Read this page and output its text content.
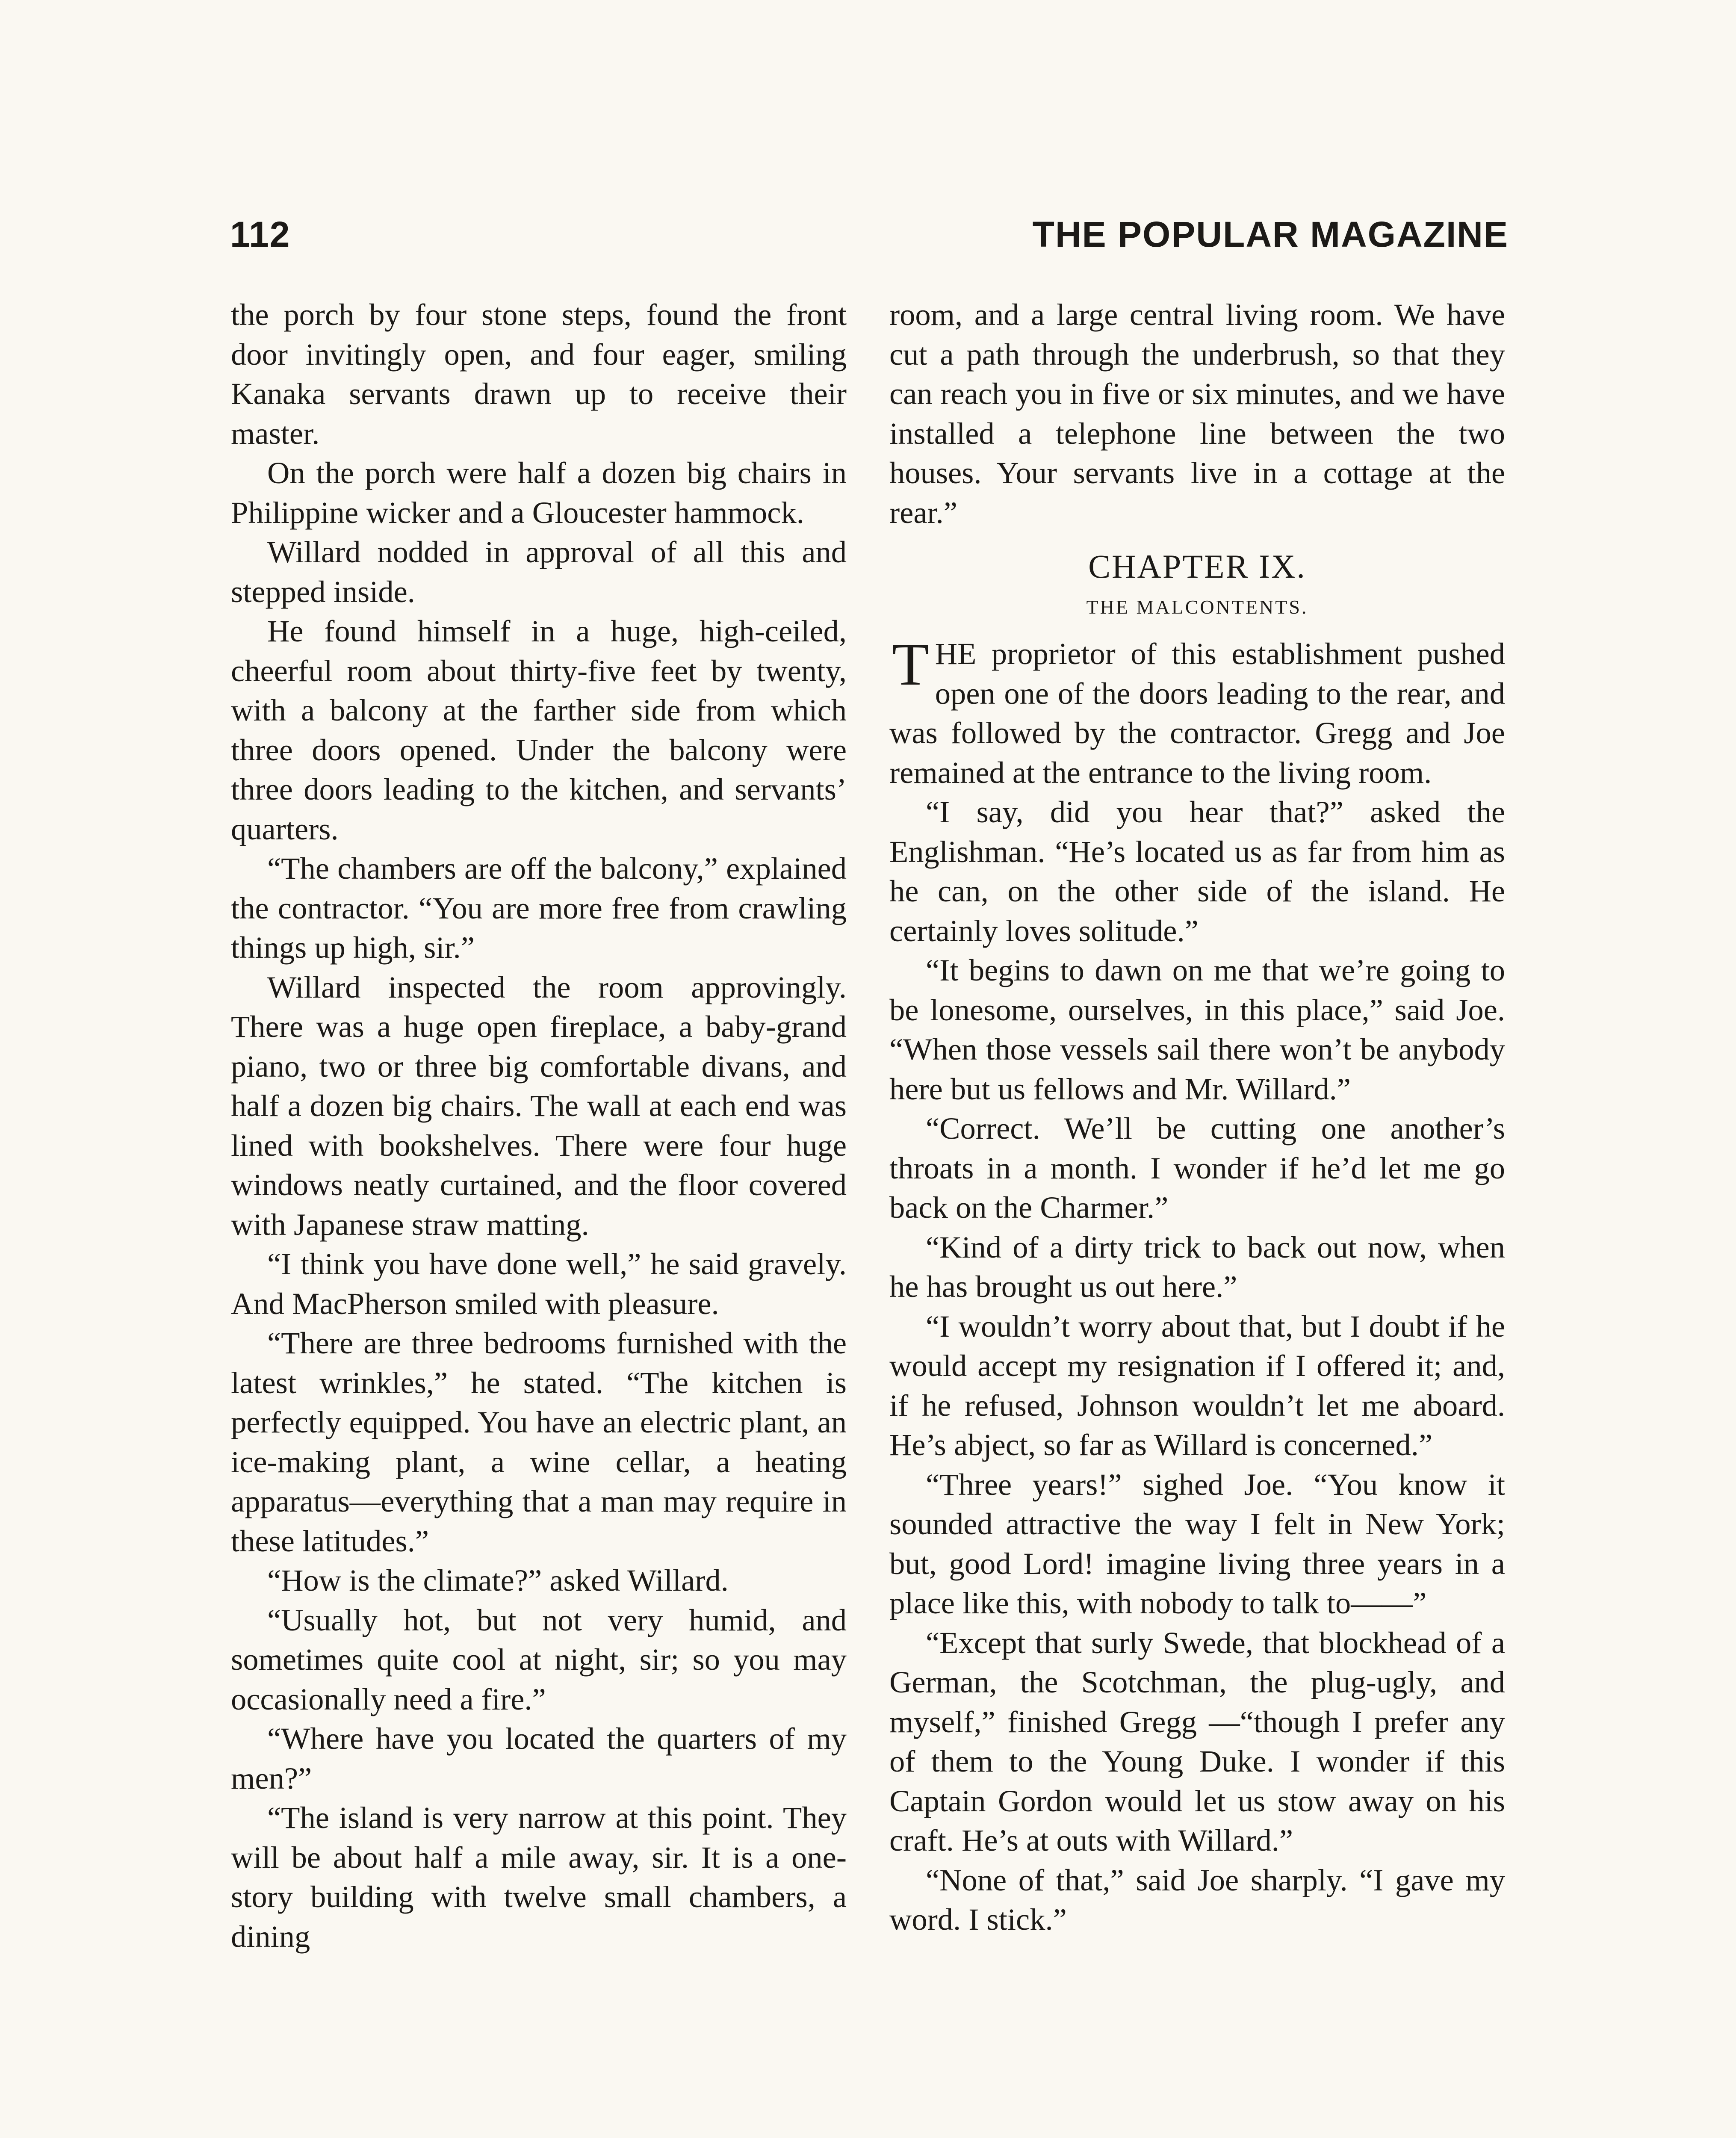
112	THE POPULAR MAGAZINE

the porch by four stone steps, found the front door invitingly open, and four eager, smiling Kanaka servants drawn up to receive their master.

On the porch were half a dozen big chairs in Philippine wicker and a Gloucester hammock.

Willard nodded in approval of all this and stepped inside.

He found himself in a huge, high-ceiled, cheerful room about thirty-five feet by twenty, with a balcony at the farther side from which three doors opened. Under the balcony were three doors leading to the kitchen, and servants’ quarters.

“The chambers are off the balcony,” explained the contractor. “You are more free from crawling things up high, sir.”

Willard inspected the room approvingly. There was a huge open fireplace, a baby-grand piano, two or three big comfortable divans, and half a dozen big chairs. The wall at each end was lined with bookshelves. There were four huge windows neatly curtained, and the floor covered with Japanese straw matting.

“I think you have done well,” he said gravely. And MacPherson smiled with pleasure.

“There are three bedrooms furnished with the latest wrinkles,” he stated. “The kitchen is perfectly equipped. You have an electric plant, an ice-making plant, a wine cellar, a heating apparatus—everything that a man may require in these latitudes.”

“How is the climate?” asked Willard.

“Usually hot, but not very humid, and sometimes quite cool at night, sir; so you may occasionally need a fire.”

“Where have you located the quarters of my men?”

“The island is very narrow at this point. They will be about half a mile away, sir. It is a one-story building with twelve small chambers, a dining

room, and a large central living room. We have cut a path through the underbrush, so that they can reach you in five or six minutes, and we have installed a telephone line between the two houses. Your servants live in a cottage at the rear.”

CHAPTER IX.
THE MALCONTENTS.

THE proprietor of this establishment pushed open one of the doors leading to the rear, and was followed by the contractor. Gregg and Joe remained at the entrance to the living room.

“I say, did you hear that?” asked the Englishman. “He’s located us as far from him as he can, on the other side of the island. He certainly loves solitude.”

“It begins to dawn on me that we’re going to be lonesome, ourselves, in this place,” said Joe. “When those vessels sail there won’t be anybody here but us fellows and Mr. Willard.”

“Correct. We’ll be cutting one another’s throats in a month. I wonder if he’d let me go back on the Charmer.”

“Kind of a dirty trick to back out now, when he has brought us out here.”

“I wouldn’t worry about that, but I doubt if he would accept my resignation if I offered it; and, if he refused, Johnson wouldn’t let me aboard. He’s abject, so far as Willard is concerned.”

“Three years!” sighed Joe. “You know it sounded attractive the way I felt in New York; but, good Lord! imagine living three years in a place like this, with nobody to talk to——”

“Except that surly Swede, that blockhead of a German, the Scotchman, the plug-ugly, and myself,” finished Gregg —“though I prefer any of them to the Young Duke. I wonder if this Captain Gordon would let us stow away on his craft. He’s at outs with Willard.”

“None of that,” said Joe sharply. “I gave my word. I stick.”
